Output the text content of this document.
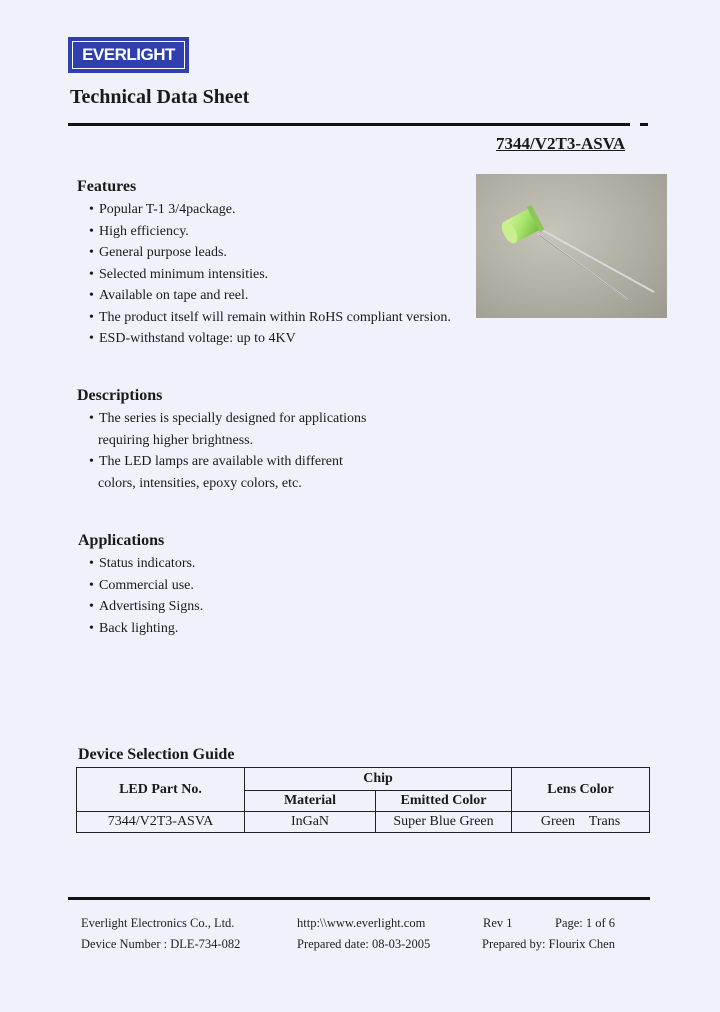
EVERLIGHT
Technical Data Sheet
7344/V2T3-ASVA
Features
• Popular T-1 3/4package.
• High efficiency.
• General purpose leads.
• Selected minimum intensities.
• Available on tape and reel.
• The product itself will remain within RoHS compliant version.
• ESD-withstand voltage: up to 4KV
Descriptions
• The series is specially designed for applications
requiring higher brightness.
• The LED lamps are available with different
colors, intensities, epoxy colors, etc.
Applications
• Status indicators.
• Commercial use.
• Advertising Signs.
• Back lighting.
Device Selection Guide
LED Part No.	Chip		Lens Color
	Material	Emitted Color	
7344/V2T3-ASVA	InGaN	Super Blue Green	Green    Trans
Everlight Electronics Co., Ltd.	http:\\www.everlight.com	Rev 1	Page: 1 of 6
Device Number : DLE-734-082	Prepared date: 08-03-2005	Prepared by: Flourix Chen
